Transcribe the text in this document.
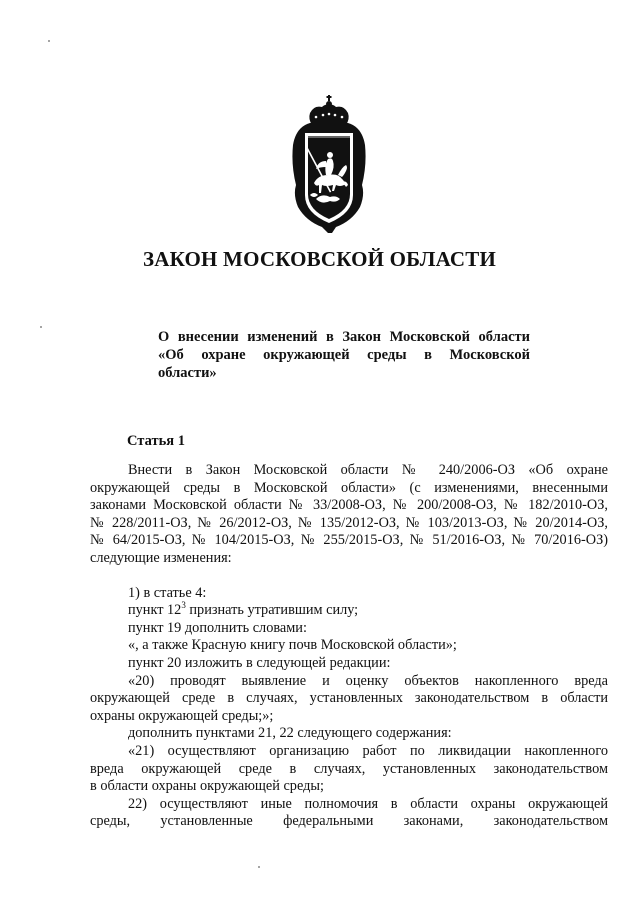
ЗАКОН МОСКОВСКОЙ ОБЛАСТИ
О внесении изменений в Закон Московской области
«Об охране окружающей среды в Московской
области»
Статья 1
Внести в Закон Московской области № 240/2006-ОЗ «Об охране
окружающей среды в Московской области» (с изменениями, внесенными
законами Московской области № 33/2008-ОЗ, № 200/2008-ОЗ, № 182/2010-ОЗ,
№ 228/2011-ОЗ, № 26/2012-ОЗ, № 135/2012-ОЗ, № 103/2013-ОЗ, № 20/2014-ОЗ,
№ 64/2015-ОЗ, № 104/2015-ОЗ, № 255/2015-ОЗ, № 51/2016-ОЗ, № 70/2016-ОЗ)
следующие изменения:
1) в статье 4:
пункт $12^3$ признать утратившим силу;
пункт 19 дополнить словами:
«, а также Красную книгу почв Московской области»;
пункт 20 изложить в следующей редакции:
«20) проводят выявление и оценку объектов накопленного вреда
окружающей среде в случаях, установленных законодательством в области
охраны окружающей среды;»;
дополнить пунктами 21, 22 следующего содержания:
«21) осуществляют организацию работ по ликвидации накопленного
вреда окружающей среде в случаях, установленных законодательством
в области охраны окружающей среды;
22) осуществляют иные полномочия в области охраны окружающей
среды, установленные федеральными законами, законодательством
